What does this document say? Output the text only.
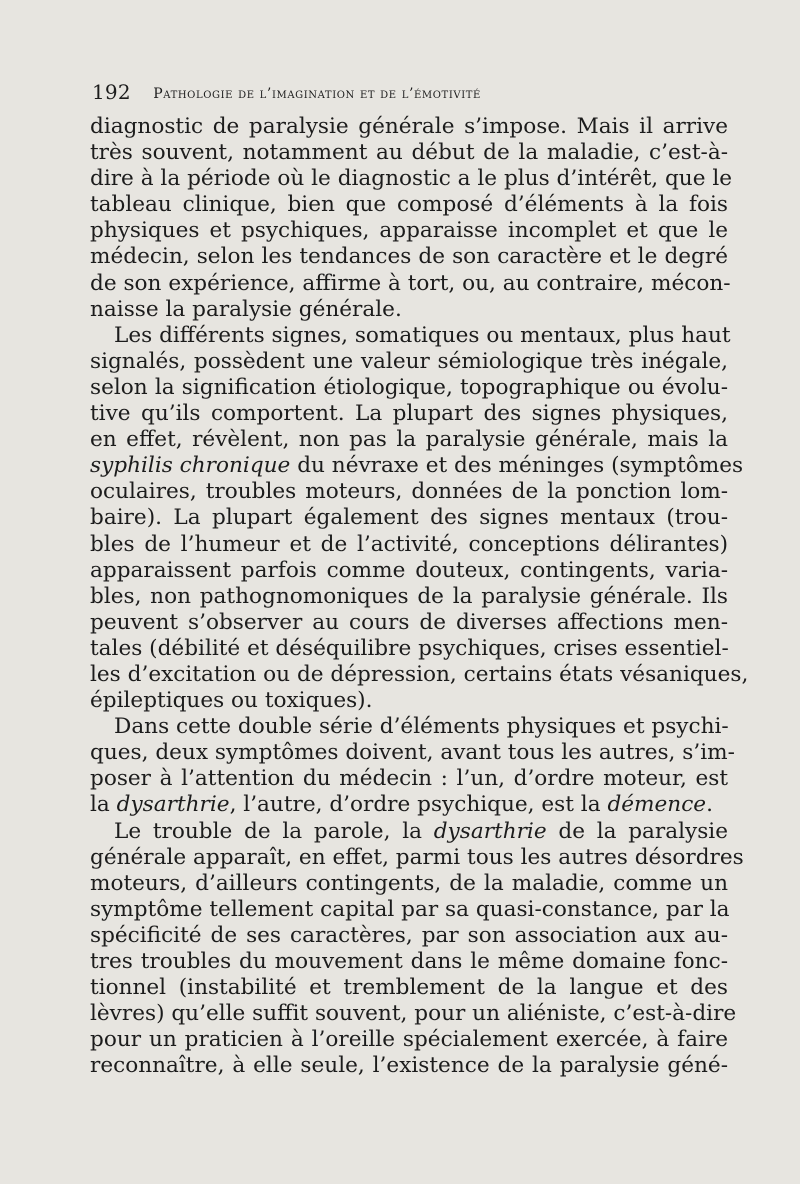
192 Pathologie de l’imagination et de l’émotivité
diagnostic de paralysie générale s’impose. Mais il arrive
très souvent, notamment au début de la maladie, c’est-à-
dire à la période où le diagnostic a le plus d’intérêt, que le
tableau clinique, bien que composé d’éléments à la fois
physiques et psychiques, apparaisse incomplet et que le
médecin, selon les tendances de son caractère et le degré
de son expérience, affirme à tort, ou, au contraire, mécon-
naisse la paralysie générale.
Les différents signes, somatiques ou mentaux, plus haut
signalés, possèdent une valeur sémiologique très inégale,
selon la signification étiologique, topographique ou évolu-
tive qu’ils comportent. La plupart des signes physiques,
en effet, révèlent, non pas la paralysie générale, mais la
syphilis chronique du névraxe et des méninges (symptômes
oculaires, troubles moteurs, données de la ponction lom-
baire). La plupart également des signes mentaux (trou-
bles de l’humeur et de l’activité, conceptions délirantes)
apparaissent parfois comme douteux, contingents, varia-
bles, non pathognomoniques de la paralysie générale. Ils
peuvent s’observer au cours de diverses affections men-
tales (débilité et déséquilibre psychiques, crises essentiel-
les d’excitation ou de dépression, certains états vésaniques,
épileptiques ou toxiques).
Dans cette double série d’éléments physiques et psychi-
ques, deux symptômes doivent, avant tous les autres, s’im-
poser à l’attention du médecin : l’un, d’ordre moteur, est
la dysarthrie, l’autre, d’ordre psychique, est la démence.
Le trouble de la parole, la dysarthrie de la paralysie
générale apparaît, en effet, parmi tous les autres désordres
moteurs, d’ailleurs contingents, de la maladie, comme un
symptôme tellement capital par sa quasi-constance, par la
spécificité de ses caractères, par son association aux au-
tres troubles du mouvement dans le même domaine fonc-
tionnel (instabilité et tremblement de la langue et des
lèvres) qu’elle suffit souvent, pour un aliéniste, c’est-à-dire
pour un praticien à l’oreille spécialement exercée, à faire
reconnaître, à elle seule, l’existence de la paralysie géné-
